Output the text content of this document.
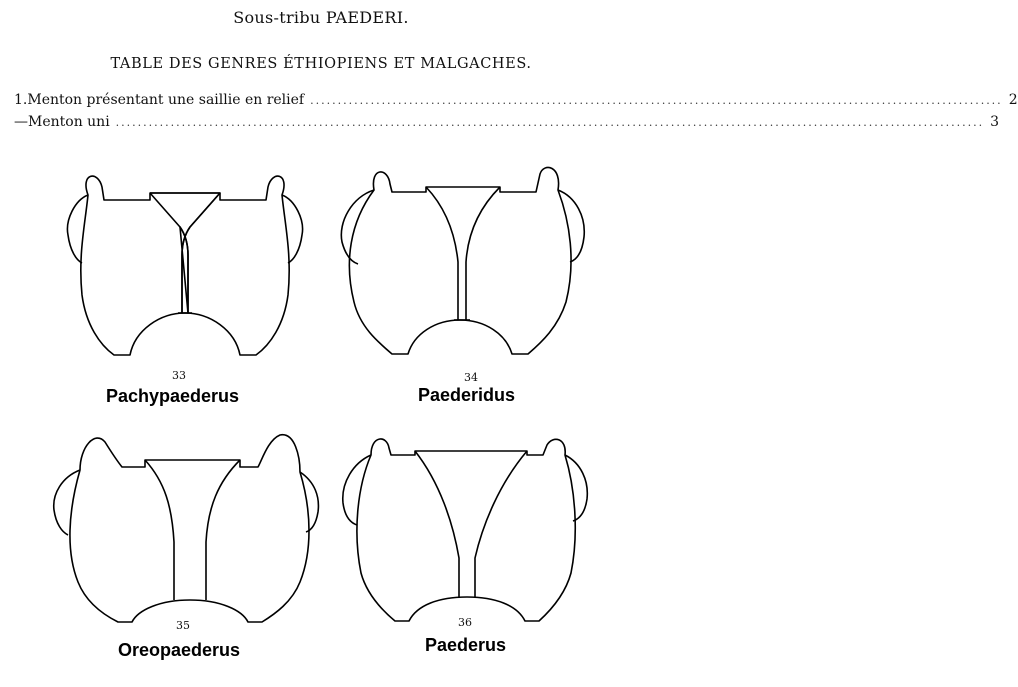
Sous-tribu PAEDERI.
TABLE DES GENRES ÉTHIOPIENS ET MALGACHES.
1. Menton présentant une saillie en relief .............................................................................................................................. 2
— Menton uni .............................................................................................................................................................. 3
33
Pachypaederus
34
Paederidus
35
Oreopaederus
36
Paederus
